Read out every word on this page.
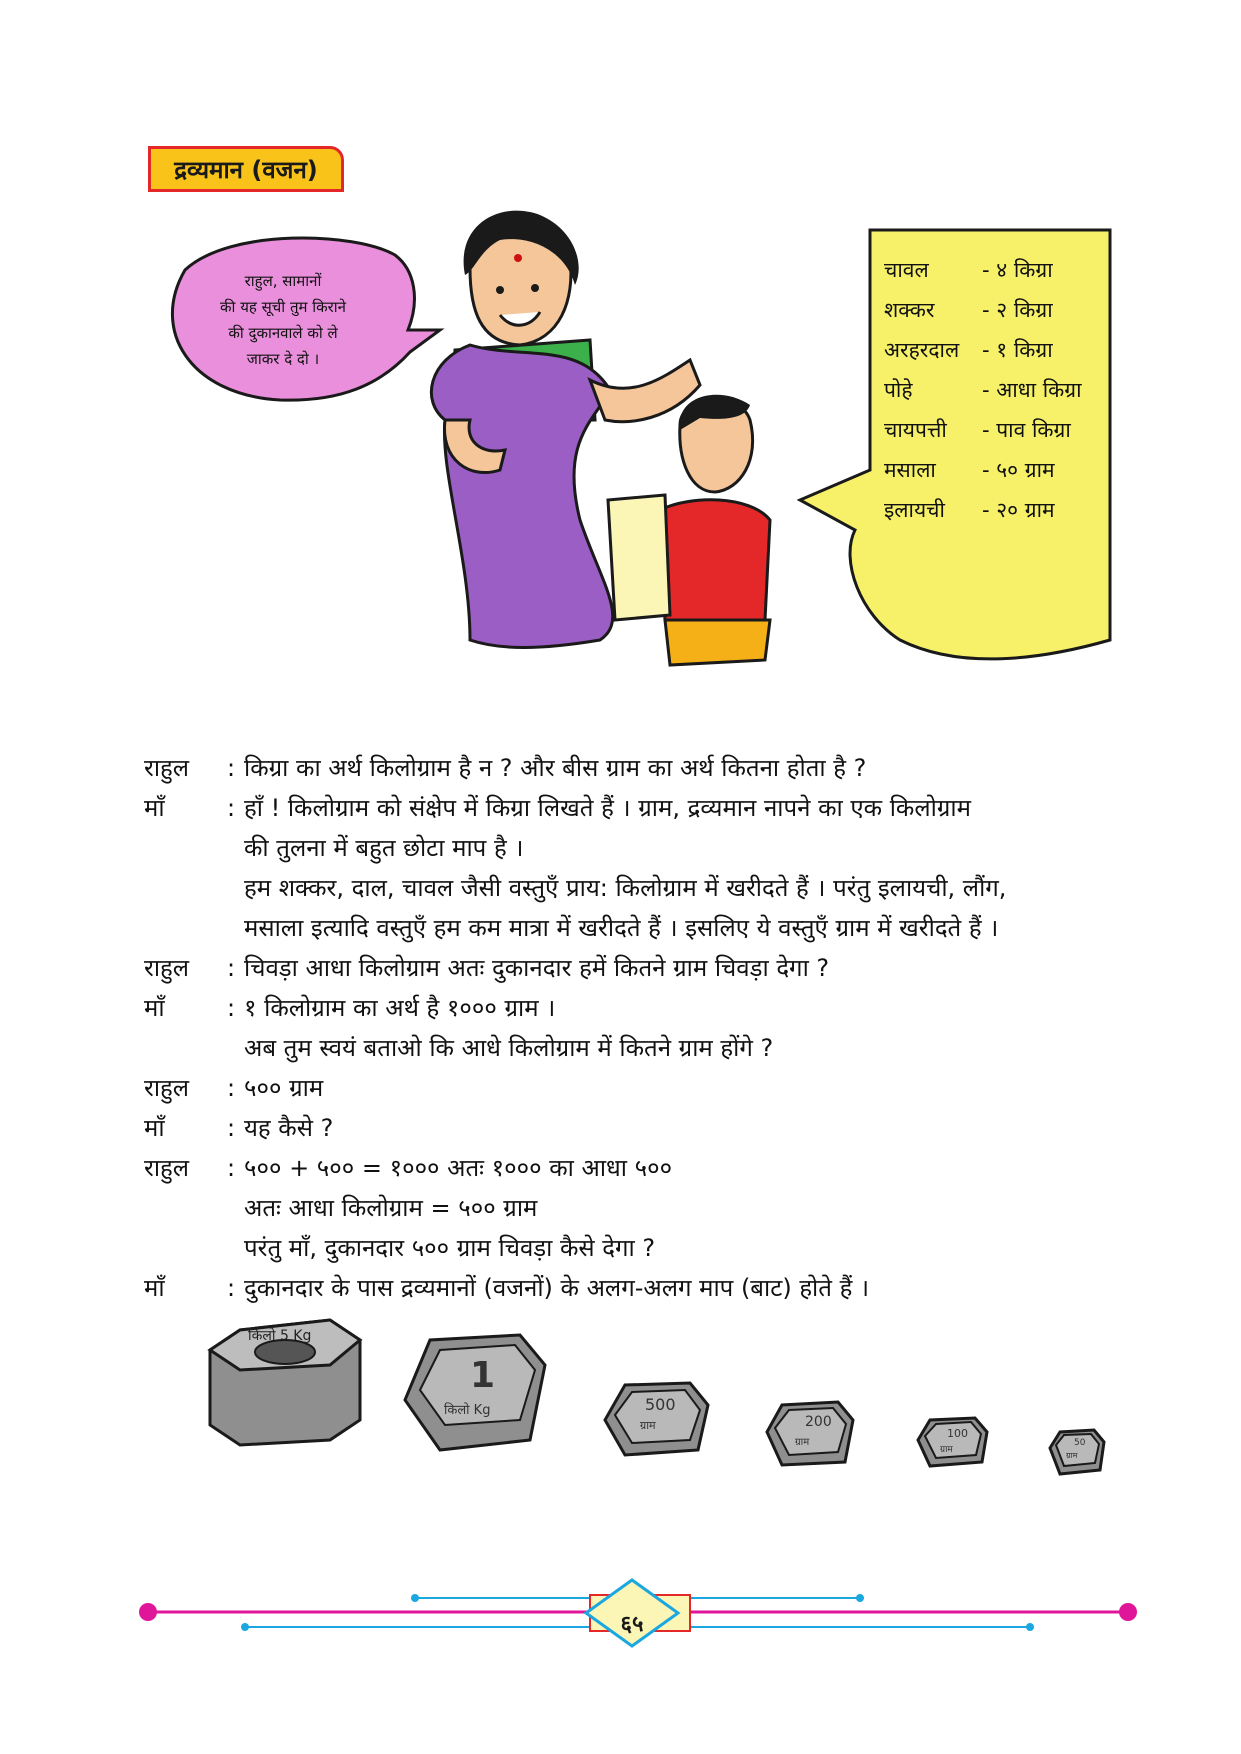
द्रव्यमान (वजन)
किलो 5 Kg
1
किलो Kg	500
ग्राम	200
ग्राम
100
ग्राम
50
ग्राम
राहुल, सामानों
की यह सूची तुम किराने
की दुकानवाले को ले
जाकर दे दो ।
चावल	- ४ किग्रा
शक्कर	- २ किग्रा
अरहरदाल	- १ किग्रा
पोहे	- आधा किग्रा
चायपत्ती	- पाव किग्रा
मसाला	- ५० ग्राम
इलायची	- २० ग्राम
राहुल	: किग्रा का अर्थ किलोग्राम है न ? और बीस ग्राम का अर्थ कितना होता है ?
माँ	: हाँ ! किलोग्राम को संक्षेप में किग्रा लिखते हैं । ग्राम, द्रव्यमान नापने का एक किलोग्राम
की तुलना में बहुत छोटा माप है ।
हम शक्कर, दाल, चावल जैसी वस्तुएँ प्राय: किलोग्राम में खरीदते हैं । परंतु इलायची, लौंग,
मसाला इत्यादि वस्तुएँ हम कम मात्रा में खरीदते हैं । इसलिए ये वस्तुएँ ग्राम में खरीदते हैं ।
राहुल	: चिवड़ा आधा किलोग्राम अतः दुकानदार हमें कितने ग्राम चिवड़ा देगा ?
माँ	: १ किलोग्राम का अर्थ है १००० ग्राम ।
अब तुम स्वयं बताओ कि आधे किलोग्राम में कितने ग्राम होंगे ?
राहुल	: ५०० ग्राम
माँ	: यह कैसे ?
राहुल	: ५०० + ५०० = १००० अतः १००० का आधा ५००
अतः आधा किलोग्राम = ५०० ग्राम
परंतु माँ, दुकानदार ५०० ग्राम चिवड़ा कैसे देगा ?
माँ	: दुकानदार के पास द्रव्यमानों (वजनों) के अलग-अलग माप (बाट) होते हैं ।
६५
